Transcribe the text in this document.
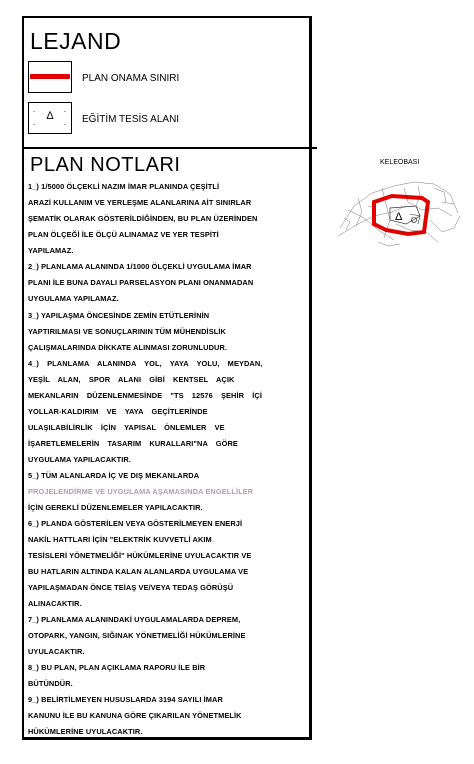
LEJAND
PLAN ONAMA SINIRI
.	.
.	.
Δ	EĞİTİM TESİS ALANI
PLAN NOTLARI
1_) 1/5000 ÖLÇEKLİ NAZIM İMAR PLANINDA ÇEŞİTLİ
ARAZİ KULLANIM VE YERLEŞME ALANLARINA AİT SINIRLAR
ŞEMATİK OLARAK GÖSTERİLDİĞİNDEN, BU PLAN ÜZERİNDEN
PLAN ÖLÇEĞİ İLE ÖLÇÜ ALINAMAZ VE YER TESPİTİ
YAPILAMAZ.
2_) PLANLAMA ALANINDA 1/1000 ÖLÇEKLİ UYGULAMA İMAR
PLANI İLE BUNA DAYALI PARSELASYON PLANI ONANMADAN
UYGULAMA YAPILAMAZ.
3_) YAPILAŞMA ÖNCESİNDE ZEMİN ETÜTLERİNİN
YAPTIRILMASI VE SONUÇLARININ TÜM MÜHENDİSLİK
ÇALIŞMALARINDA DİKKATE ALINMASI ZORUNLUDUR.
4_) PLANLAMA ALANINDA YOL, YAYA YOLU, MEYDAN,
YEŞİL ALAN, SPOR ALANI GİBİ KENTSEL AÇIK
MEKANLARIN DÜZENLENMESİNDE "TS 12576 ŞEHİR İÇİ
YOLLAR-KALDIRIM VE YAYA GEÇİTLERİNDE
ULAŞILABİLİRLİK İÇİN YAPISAL ÖNLEMLER VE
İŞARETLEMELERİN TASARIM KURALLARI"NA GÖRE
UYGULAMA YAPILACAKTIR.
5_) TÜM ALANLARDA İÇ VE DIŞ MEKANLARDA
PROJELENDİRME VE UYGULAMA AŞAMASINDA ENGELLİLER
İÇİN GEREKLİ DÜZENLEMELER YAPILACAKTIR.
6_) PLANDA GÖSTERİLEN VEYA GÖSTERİLMEYEN ENERJİ
NAKİL HATTLARI İÇİN "ELEKTRİK KUVVETLİ AKIM
TESİSLERİ YÖNETMELİĞİ" HÜKÜMLERİNE UYULACAKTIR VE
BU HATLARIN ALTINDA KALAN ALANLARDA UYGULAMA VE
YAPILAŞMADAN ÖNCE TEİAŞ VE/VEYA TEDAŞ GÖRÜŞÜ
ALINACAKTIR.
7_) PLANLAMA ALANINDAKİ UYGULAMALARDA DEPREM,
OTOPARK, YANGIN, SIĞINAK YÖNETMELİĞİ HÜKÜMLERİNE
UYULACAKTIR.
8_) BU PLAN, PLAN AÇIKLAMA RAPORU İLE BİR
BÜTÜNDÜR.
9_) BELİRTİLMEYEN HUSUSLARDA 3194 SAYILI İMAR
KANUNU İLE BU KANUNA GÖRE ÇIKARILAN YÖNETMELİK
HÜKÜMLERİNE UYULACAKTIR.
KELEOBASI
Δ
